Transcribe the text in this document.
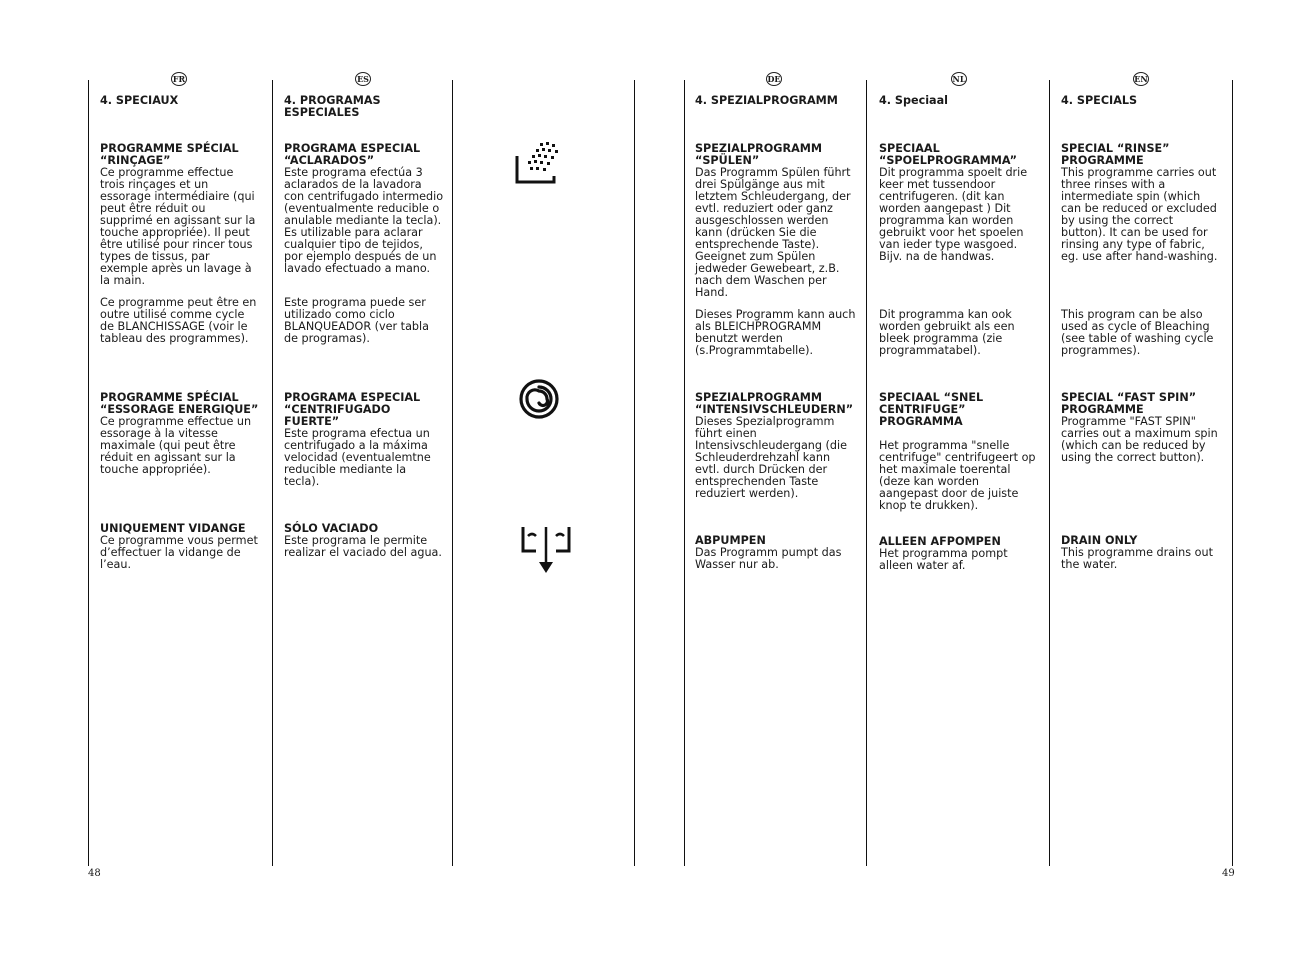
FR	ES	DE	NL	EN
4. SPECIAUX
PROGRAMME SPÉCIAL
“RINÇAGE”
Ce programme effectue trois rinçages et un essorage intermédiaire (qui peut être réduit ou supprimé en agissant sur la touche appropriée). Il peut être utilisé pour rincer tous types de tissus, par exemple après un lavage à la main.
Ce programme peut être en outre utilisé comme cycle de BLANCHISSAGE (voir le tableau des programmes).
PROGRAMME SPÉCIAL
“ESSORAGE ENERGIQUE”
Ce programme effectue un essorage à la vitesse maximale (qui peut être réduit en agissant sur la touche appropriée).
UNIQUEMENT VIDANGE
Ce programme vous permet d’effectuer la vidange de l’eau.
4. PROGRAMAS ESPECIALES
PROGRAMA ESPECIAL
“ACLARADOS”
Este programa efectúa 3 aclarados de la lavadora con centrifugado intermedio (eventualmente reducible o anulable mediante la tecla).
Es utilizable para aclarar cualquier tipo de tejidos, por ejemplo después de un lavado efectuado a mano.
Este programa puede ser utilizado como ciclo BLANQUEADOR (ver tabla de programas).
PROGRAMA ESPECIAL
“CENTRIFUGADO FUERTE”
Este programa efectua un centrifugado a la máxima velocidad (eventualemtne reducible mediante la tecla).
SÓLO VACIADO
Este programa le permite realizar el vaciado del agua.
4. SPEZIALPROGRAMM
SPEZIALPROGRAMM
“SPÜLEN”
Das Programm Spülen führt drei Spülgänge aus mit letztem Schleudergang, der evtl. reduziert oder ganz ausgeschlossen werden kann (drücken Sie die entsprechende Taste). Geeignet zum Spülen jedweder Gewebeart, z.B. nach dem Waschen per Hand.
Dieses Programm kann auch als BLEICHPROGRAMM benutzt werden (s.Programmtabelle).
SPEZIALPROGRAMM
“INTENSIVSCHLEUDERN”
Dieses Spezialprogramm führt einen Intensivschleudergang (die Schleuderdrehzahl kann evtl. durch Drücken der entsprechenden Taste reduziert werden).
ABPUMPEN
Das Programm pumpt das Wasser nur ab.
4. Speciaal
SPECIAAL
“SPOELPROGRAMMA”
Dit programma spoelt drie keer met tussendoor centrifugeren. (dit kan worden aangepast ) Dit programma kan worden gebruikt voor het spoelen van ieder type wasgoed. Bijv. na de handwas.
Dit programma kan ook worden gebruikt als een bleek programma (zie programmatabel).
SPECIAAL “SNEL
CENTRIFUGE” PROGRAMMA

Het programma "snelle centrifuge" centrifugeert op het maximale toerental (deze kan worden aangepast door de juiste knop te drukken).
ALLEEN AFPOMPEN
Het programma pompt alleen water af.
4. SPECIALS
SPECIAL “RINSE”
PROGRAMME
This programme carries out three rinses with a intermediate spin (which can be reduced or excluded by using the correct button). It can be used for rinsing any type of fabric, eg. use after hand-washing.
This program can be also used as cycle of Bleaching (see table of washing cycle programmes).
SPECIAL “FAST SPIN”
PROGRAMME
Programme "FAST SPIN" carries out a maximum spin (which can be reduced by using the correct button).
DRAIN ONLY
This programme drains out the water.
48	49
